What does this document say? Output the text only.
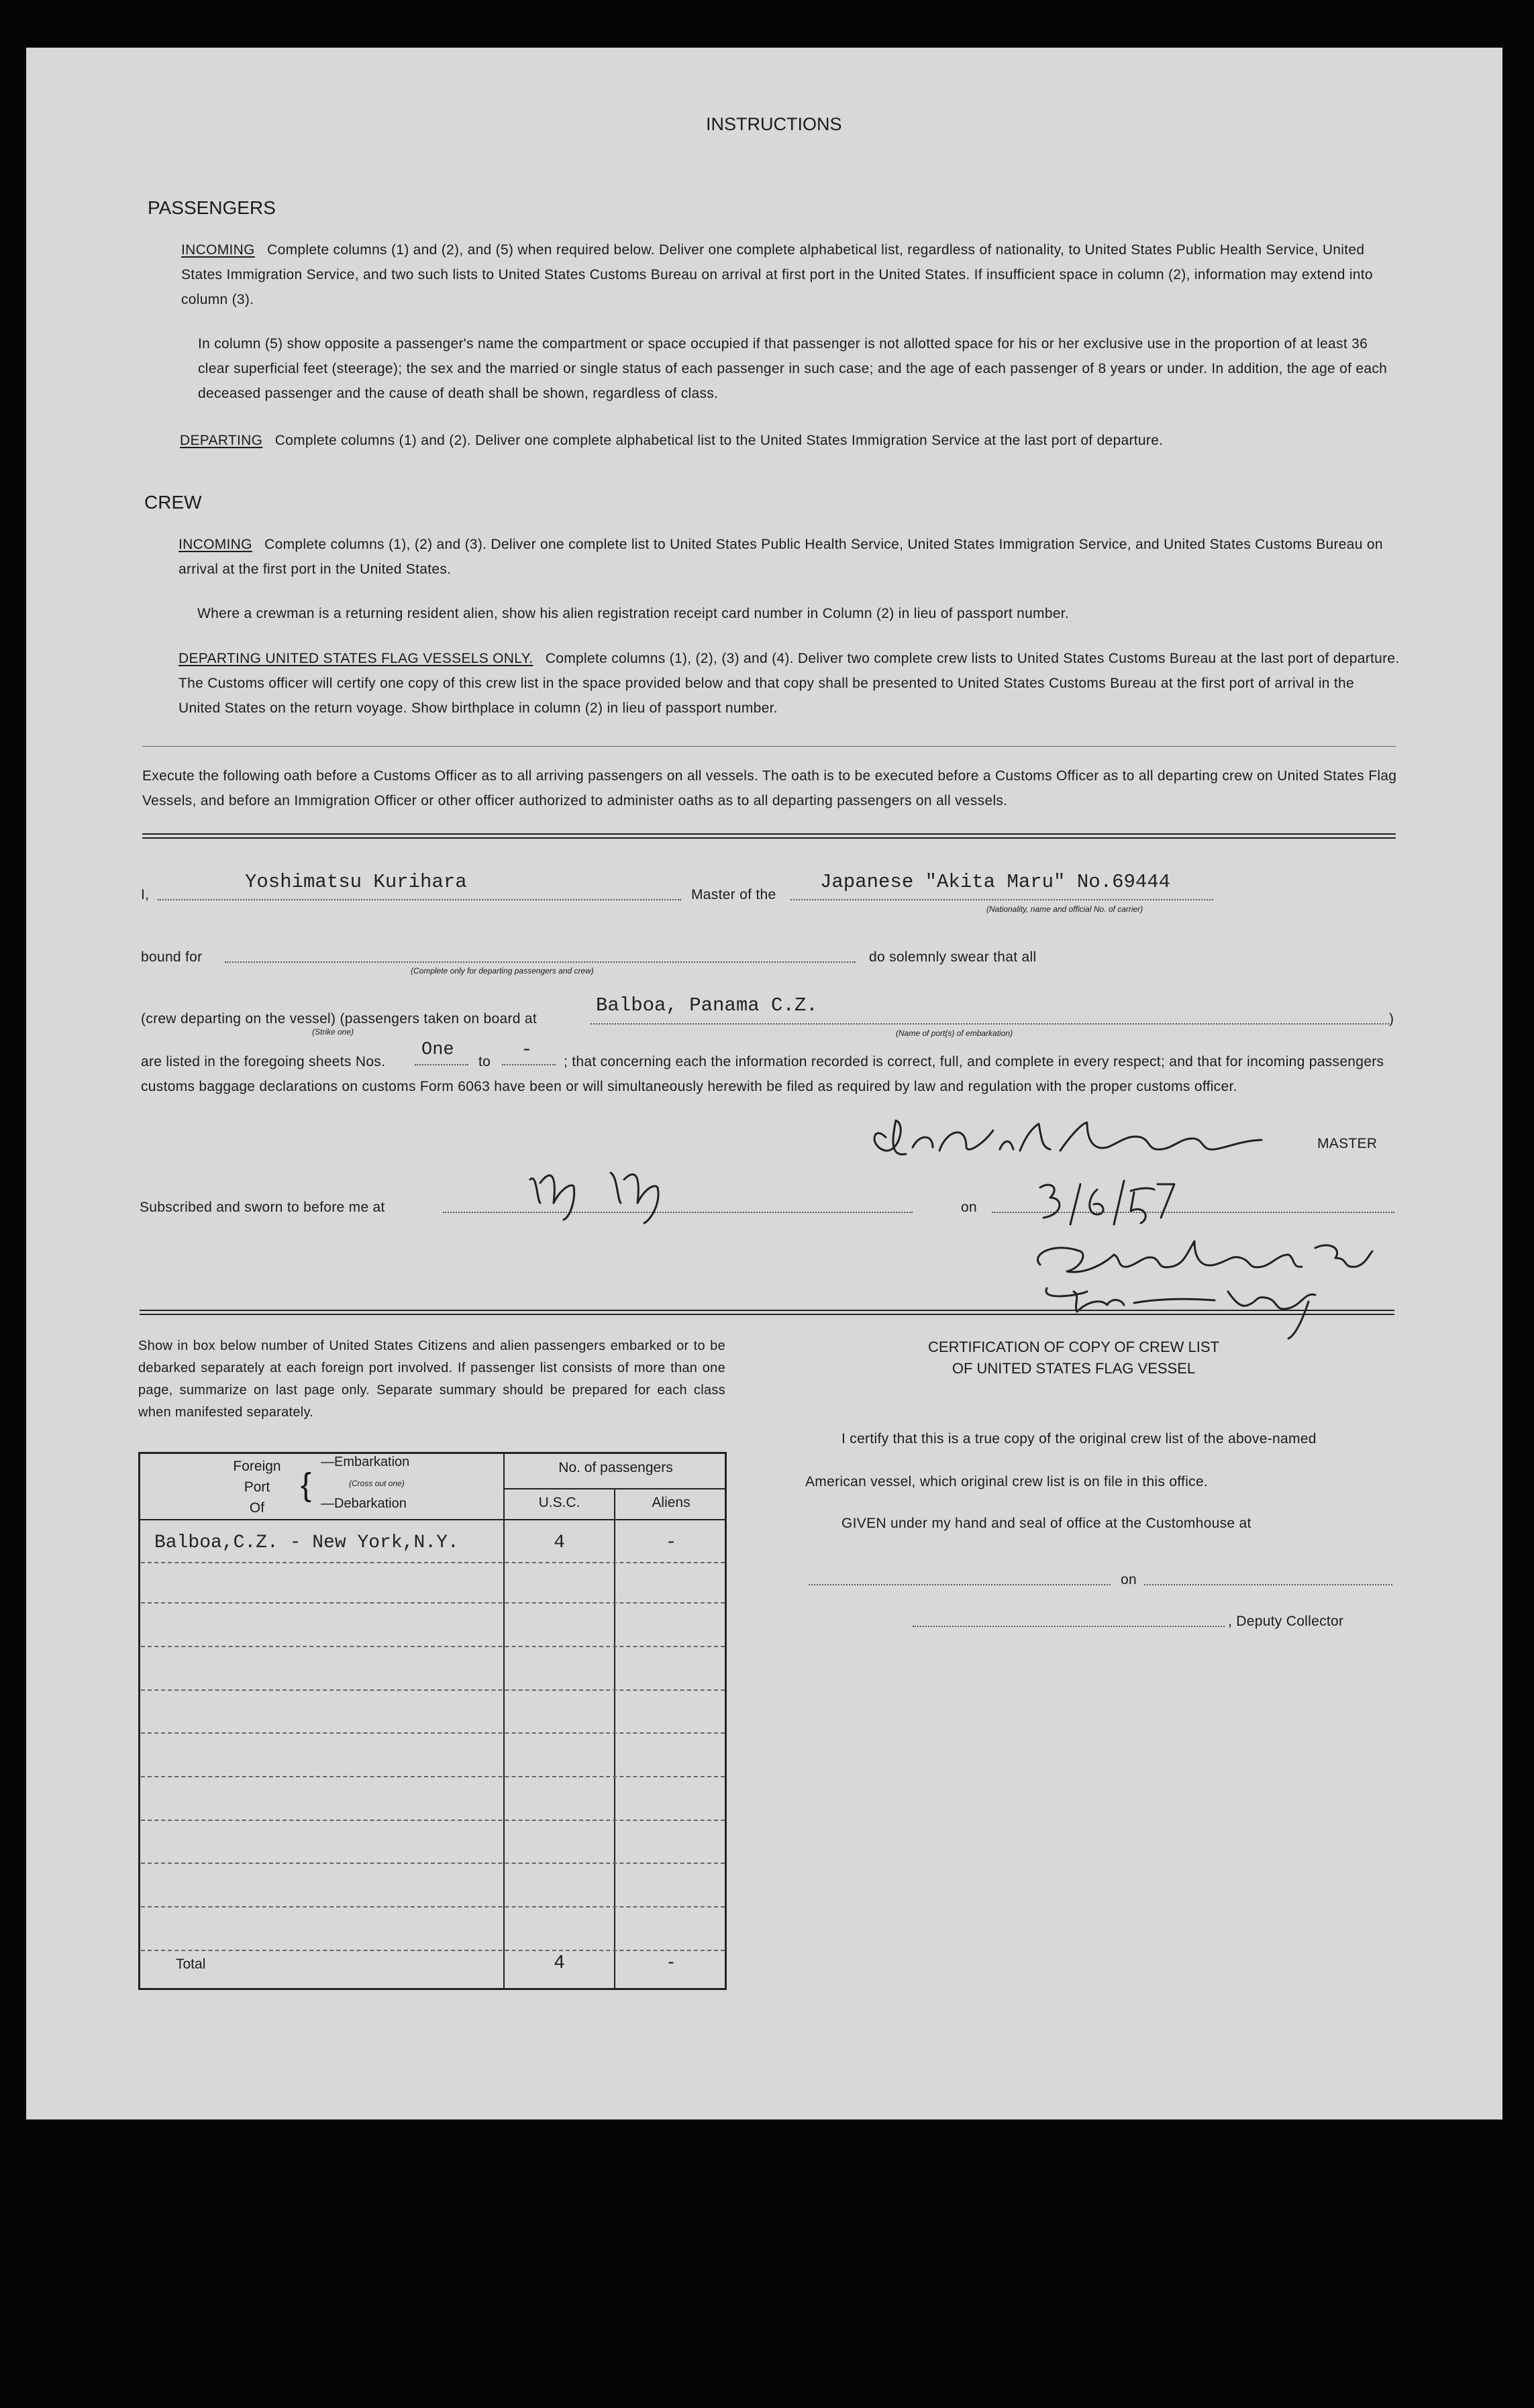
INSTRUCTIONS
PASSENGERS
INCOMING Complete columns (1) and (2), and (5) when required below. Deliver one complete alphabetical list, regardless of nationality, to United States Public Health Service, United States Immigration Service, and two such lists to United States Customs Bureau on arrival at first port in the United States. If insufficient space in column (2), information may extend into column (3).
In column (5) show opposite a passenger's name the compartment or space occupied if that passenger is not allotted space for his or her exclusive use in the proportion of at least 36 clear superficial feet (steerage); the sex and the married or single status of each passenger in such case; and the age of each passenger of 8 years or under. In addition, the age of each deceased passenger and the cause of death shall be shown, regardless of class.
DEPARTING Complete columns (1) and (2). Deliver one complete alphabetical list to the United States Immigration Service at the last port of departure.
CREW
INCOMING Complete columns (1), (2) and (3). Deliver one complete list to United States Public Health Service, United States Immigration Service, and United States Customs Bureau on arrival at the first port in the United States.
Where a crewman is a returning resident alien, show his alien registration receipt card number in Column (2) in lieu of passport number.
DEPARTING UNITED STATES FLAG VESSELS ONLY. Complete columns (1), (2), (3) and (4). Deliver two complete crew lists to United States Customs Bureau at the last port of departure. The Customs officer will certify one copy of this crew list in the space provided below and that copy shall be presented to United States Customs Bureau at the first port of arrival in the United States on the return voyage. Show birthplace in column (2) in lieu of passport number.
Execute the following oath before a Customs Officer as to all arriving passengers on all vessels. The oath is to be executed before a Customs Officer as to all departing crew on United States Flag Vessels, and before an Immigration Officer or other officer authorized to administer oaths as to all departing passengers on all vessels.
I,
Yoshimatsu Kurihara
Master of the
Japanese "Akita Maru" No.69444
(Nationality, name and official No. of carrier)
bound for
(Complete only for departing passengers and crew)
do solemnly swear that all
(crew departing on the vessel) (passengers taken on board at
(Strike one)
Balboa, Panama C.Z.
(Name of port(s) of embarkation)
)
are listed in the foregoing sheets Nos.
One
to
-
; that concerning each the information recorded is correct, full, and complete in every respect; and that for incoming passengers customs baggage declarations on customs Form 6063 have been or will simultaneously herewith be filed as required by law and regulation with the proper customs officer.
MASTER
Subscribed and sworn to before me at	on
Show in box below number of United States Citizens and alien passengers embarked or to be debarked separately at each foreign port involved. If passenger list consists of more than one page, summarize on last page only. Separate summary should be prepared for each class when manifested separately.
Foreign
Port
Of
{
—Embarkation
(Cross out one)
—Debarkation
No. of passengers
U.S.C.	Aliens
Balboa,C.Z. - New York,N.Y.	4	-
Total	4	-
CERTIFICATION OF COPY OF CREW LIST
OF UNITED STATES FLAG VESSEL
I certify that this is a true copy of the original crew list of the above-named
American vessel, which original crew list is on file in this office.
GIVEN under my hand and seal of office at the Customhouse at
on
, Deputy Collector
